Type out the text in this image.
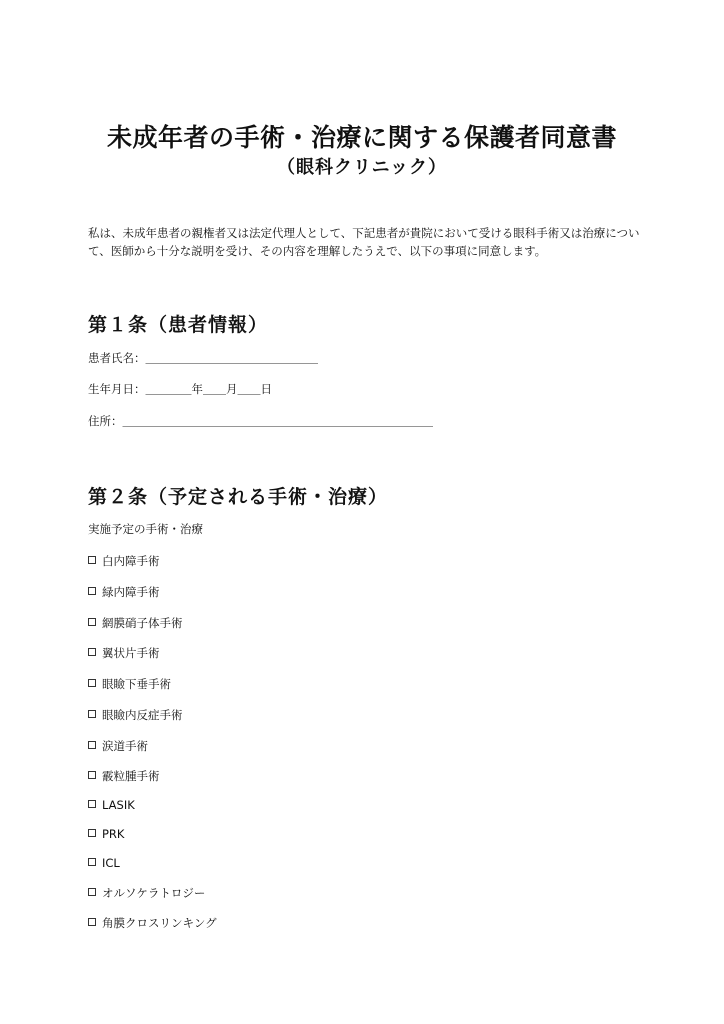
未成年者の手術・治療に関する保護者同意書
（眼科クリニック）
私は、未成年患者の親権者又は法定代理人として、下記患者が貴院において受ける眼科手術又は治療について、医師から十分な説明を受け、その内容を理解したうえで、以下の事項に同意します。
第１条（患者情報）
患者氏名：＿＿＿＿＿＿＿＿＿＿＿＿＿＿＿
生年月日：＿＿＿＿年＿＿月＿＿日
住所：＿＿＿＿＿＿＿＿＿＿＿＿＿＿＿＿＿＿＿＿＿＿＿＿＿＿＿
第２条（予定される手術・治療）
実施予定の手術・治療
白内障手術
緑内障手術
網膜硝子体手術
翼状片手術
眼瞼下垂手術
眼瞼内反症手術
涙道手術
霰粒腫手術
LASIK
PRK
ICL
オルソケラトロジー
角膜クロスリンキング
